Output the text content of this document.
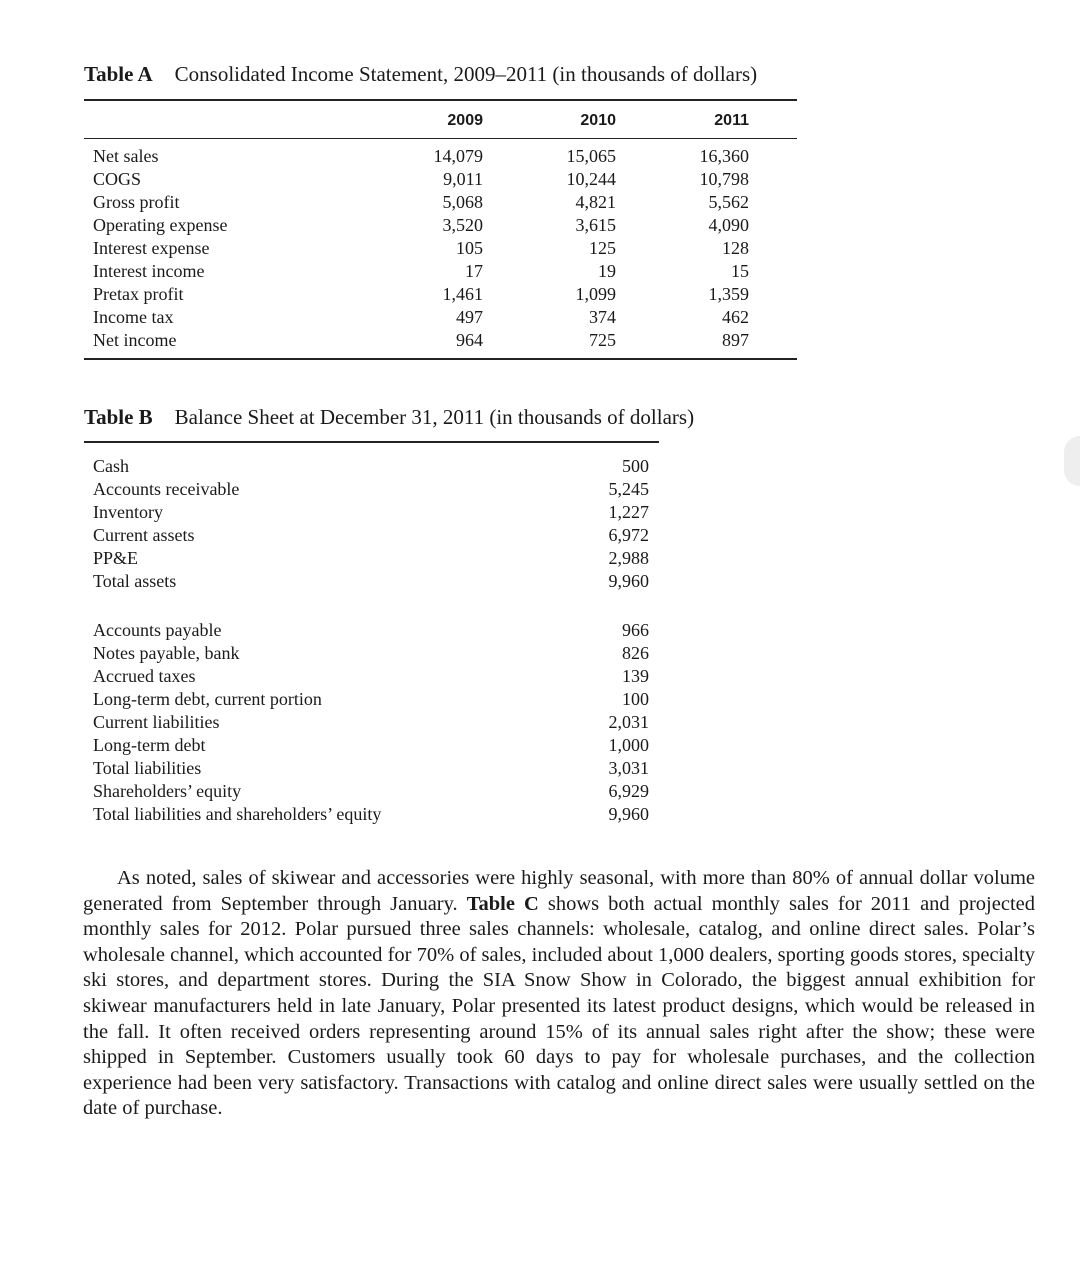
Table A Consolidated Income Statement, 2009–2011 (in thousands of dollars)
2009	2010	2011
Net sales	14,079	15,065	16,360
COGS	9,011	10,244	10,798
Gross profit	5,068	4,821	5,562
Operating expense	3,520	3,615	4,090
Interest expense	105	125	128
Interest income	17	19	15
Pretax profit	1,461	1,099	1,359
Income tax	497	374	462
Net income	964	725	897
Table B Balance Sheet at December 31, 2011 (in thousands of dollars)
Cash	500
Accounts receivable	5,245
Inventory	1,227
Current assets	6,972
PP&E	2,988
Total assets	9,960
Accounts payable	966
Notes payable, bank	826
Accrued taxes	139
Long-term debt, current portion	100
Current liabilities	2,031
Long-term debt	1,000
Total liabilities	3,031
Shareholders’ equity	6,929
Total liabilities and shareholders’ equity	9,960
As noted, sales of skiwear and accessories were highly seasonal, with more than 80% of annual dollar volume generated from September through January. Table C shows both actual monthly sales for 2011 and projected monthly sales for 2012. Polar pursued three sales channels: wholesale, catalog, and online direct sales. Polar’s wholesale channel, which accounted for 70% of sales, included about 1,000 dealers, sporting goods stores, specialty ski stores, and department stores. During the SIA Snow Show in Colorado, the biggest annual exhibition for skiwear manufacturers held in late January, Polar presented its latest product designs, which would be released in the fall. It often received orders representing around 15% of its annual sales right after the show; these were shipped in September. Customers usually took 60 days to pay for wholesale purchases, and the collection experience had been very satisfactory. Transactions with catalog and online direct sales were usually settled on the date of purchase.
